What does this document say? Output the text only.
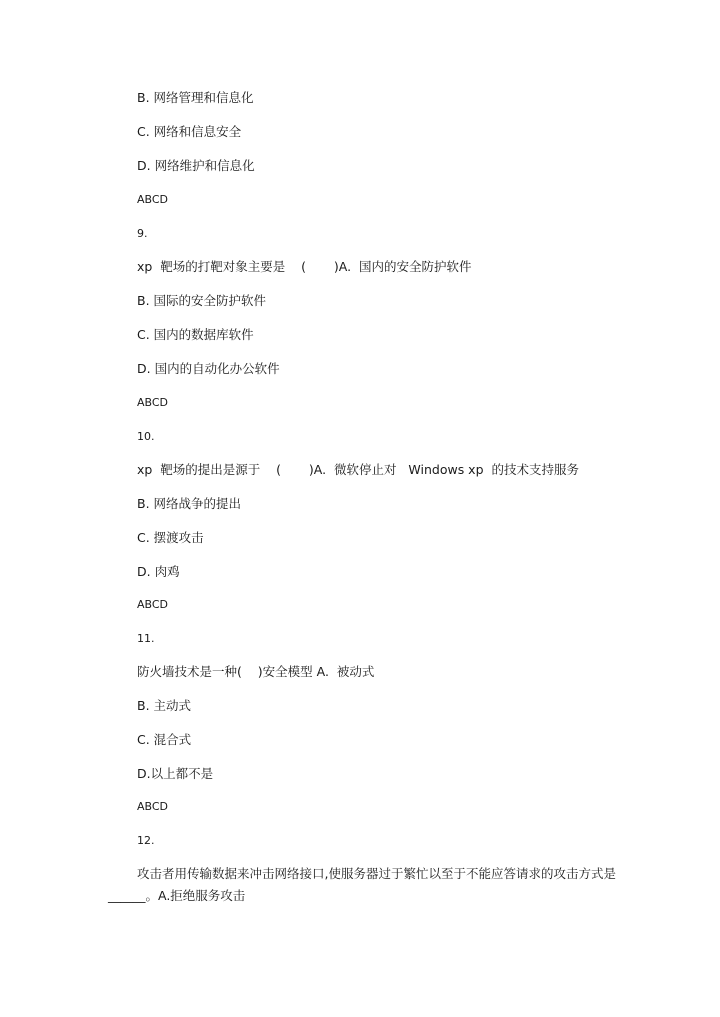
B. 网络管理和信息化
C. 网络和信息安全
D. 网络维护和信息化
ABCD
9.
xp  靶场的打靶对象主要是    (       )A.  国内的安全防护软件
B. 国际的安全防护软件
C. 国内的数据库软件
D. 国内的自动化办公软件
ABCD
10.
xp  靶场的提出是源于    (       )A.  微软停止对   Windows xp  的技术支持服务
B. 网络战争的提出
C. 摆渡攻击
D. 肉鸡
ABCD
11.
防火墙技术是一种(    )安全模型 A.  被动式
B. 主动式
C. 混合式
D.以上都不是
ABCD
12.
攻击者用传输数据来冲击网络接口,使服务器过于繁忙以至于不能应答请求的攻击方式是______。A.拒绝服务攻击
